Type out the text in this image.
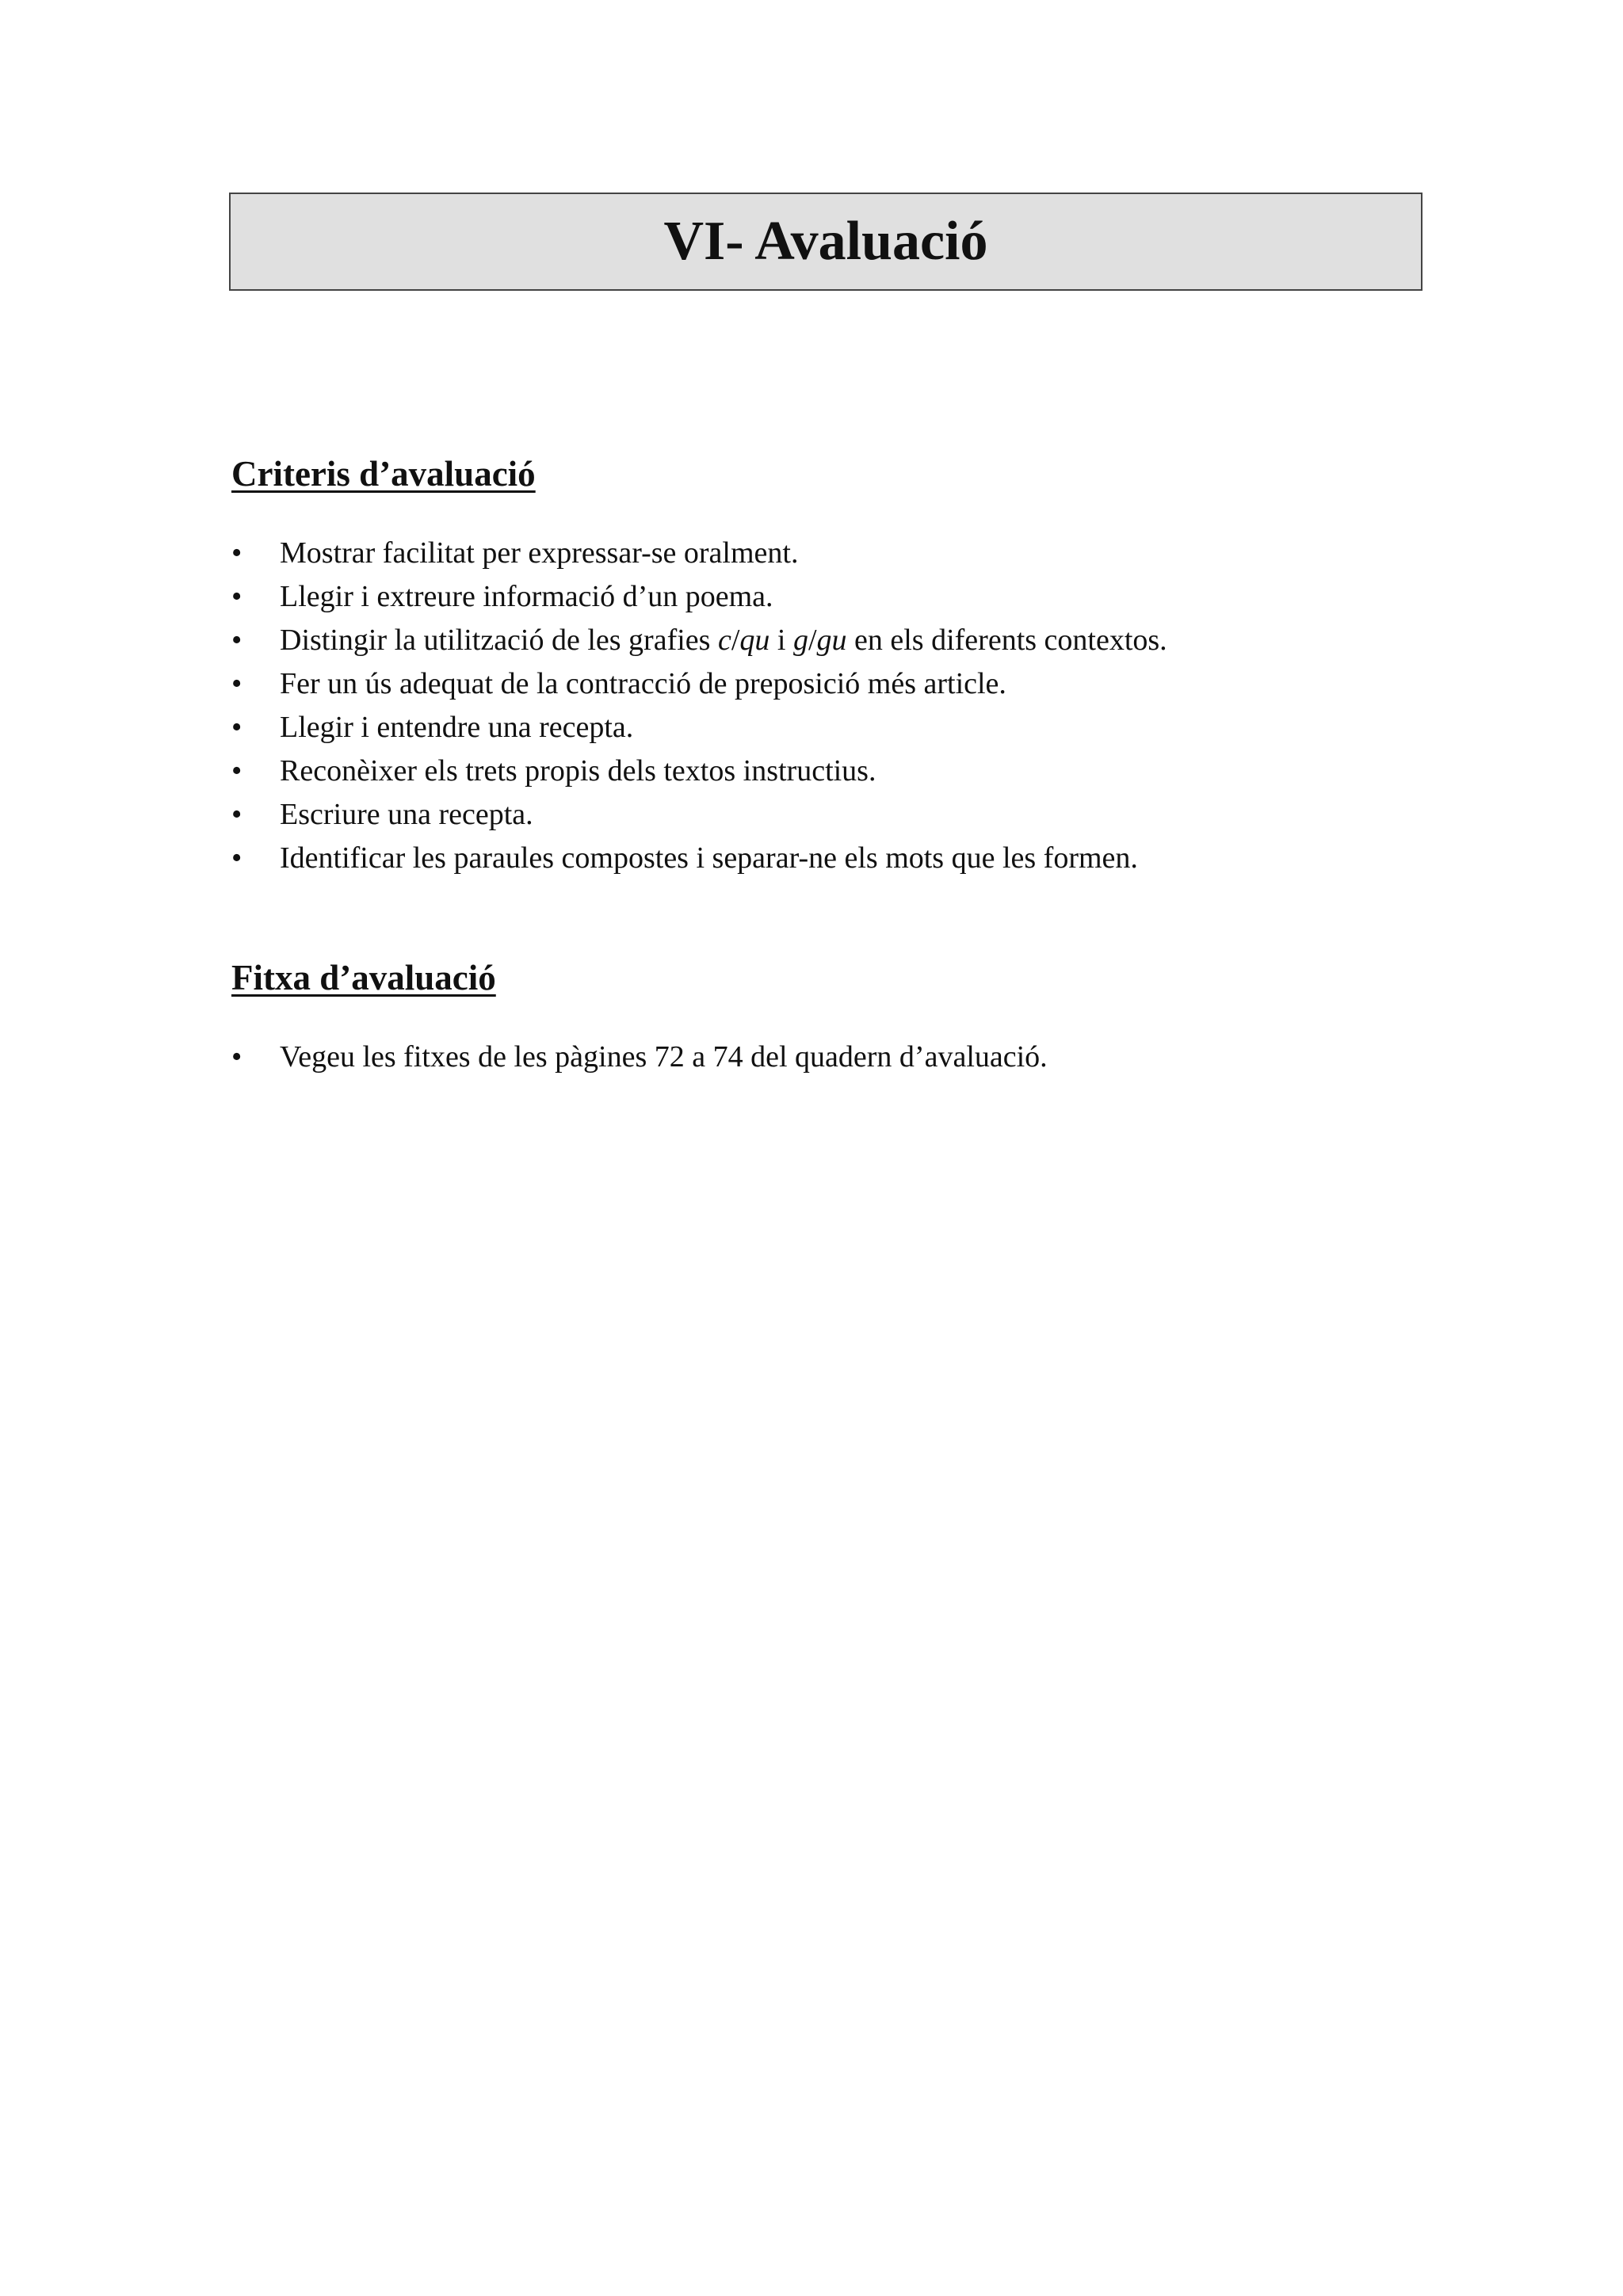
VI- Avaluació
Criteris d’avaluació
• Mostrar facilitat per expressar-se oralment.
• Llegir i extreure informació d’un poema.
• Distingir la utilització de les grafies c/qu i g/gu en els diferents contextos.
• Fer un ús adequat de la contracció de preposició més article.
• Llegir i entendre una recepta.
• Reconèixer els trets propis dels textos instructius.
• Escriure una recepta.
• Identificar les paraules compostes i separar-ne els mots que les formen.
Fitxa d’avaluació
• Vegeu les fitxes de les pàgines 72 a 74 del quadern d’avaluació.
